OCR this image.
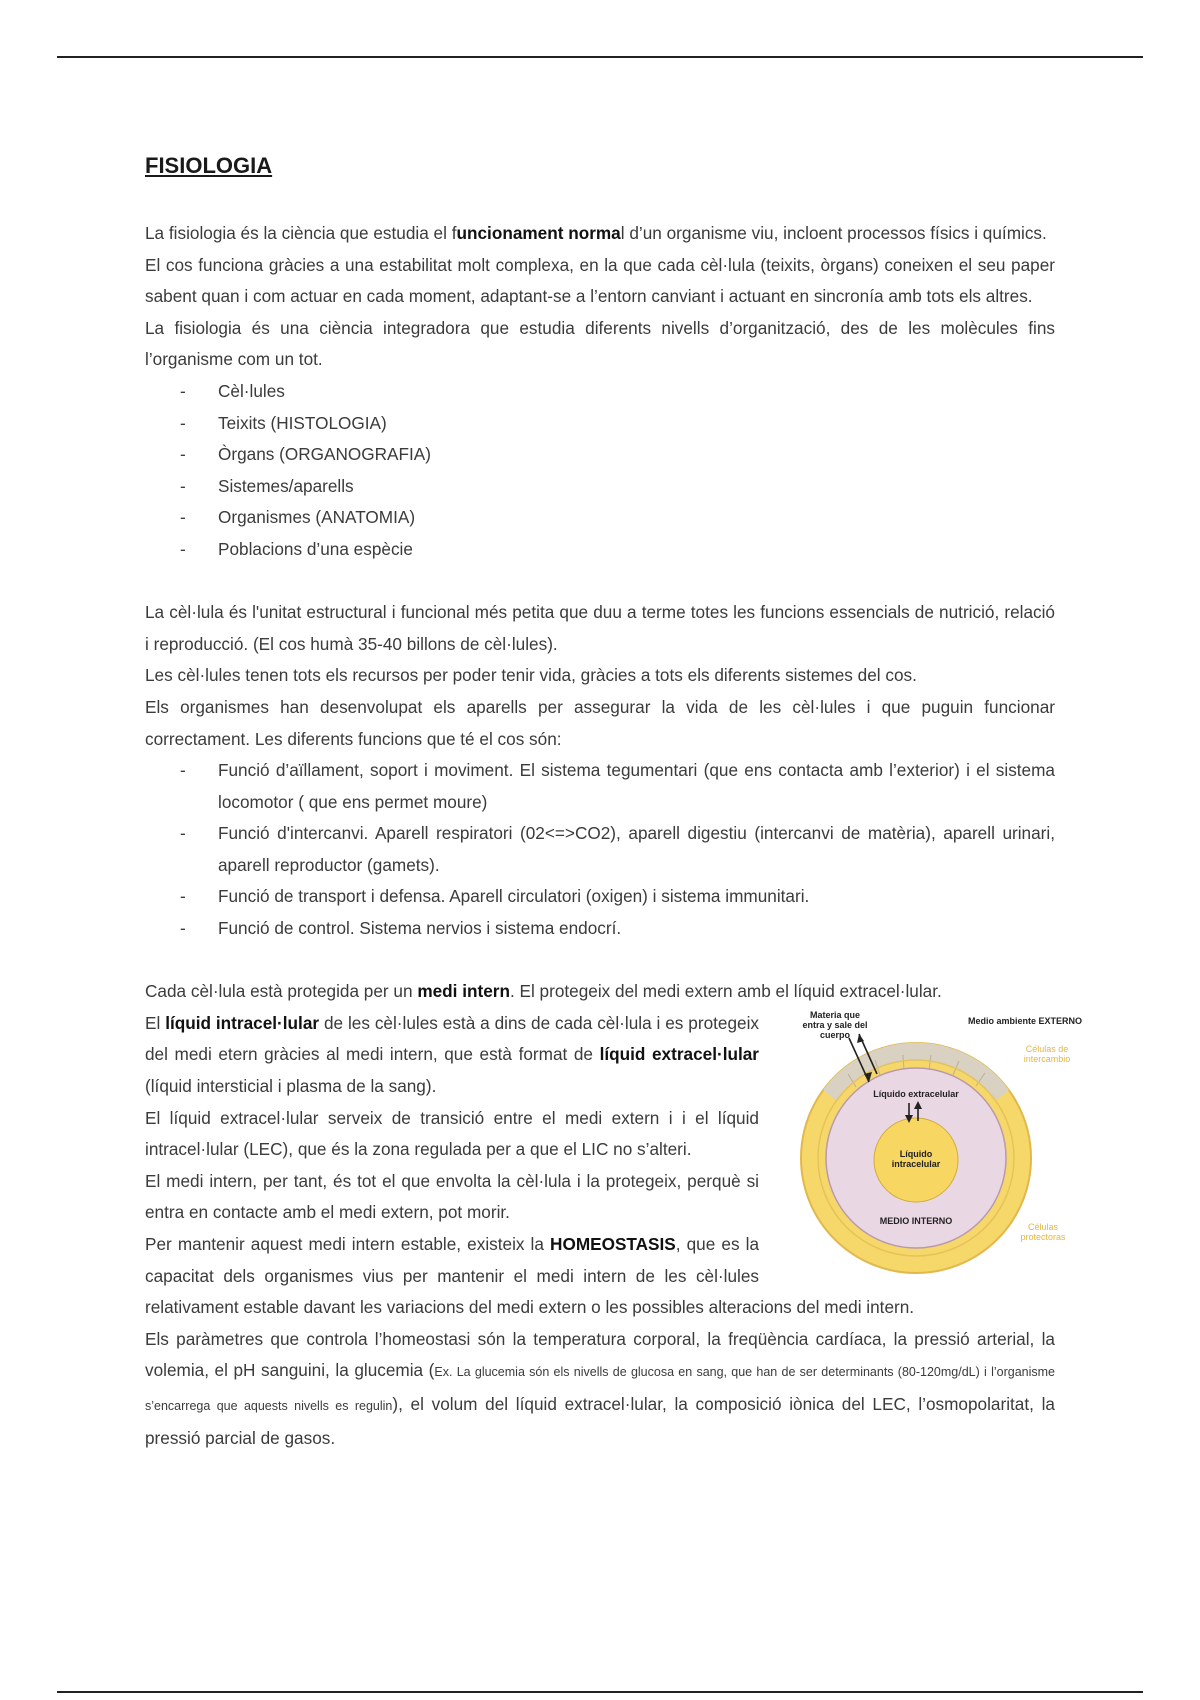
FISIOLOGIA

La fisiologia és la ciència que estudia el funcionament normal d’un organisme viu, incloent processos físics i químics.

El cos funciona gràcies a una estabilitat molt complexa, en la que cada cèl·lula (teixits, òrgans) coneixen el seu paper sabent quan i com actuar en cada moment, adaptant-se a l’entorn canviant i actuant en sincronía amb tots els altres.

La fisiologia és una ciència integradora que estudia diferents nivells d’organització, des de les molècules fins l’organisme com un tot.

- Cèl·lules
- Teixits (HISTOLOGIA)
- Òrgans (ORGANOGRAFIA)
- Sistemes/aparells
- Organismes (ANATOMIA)
- Poblacions d’una espècie

La cèl·lula és l'unitat estructural i funcional més petita que duu a terme totes les funcions essencials de nutrició, relació i reproducció. (El cos humà 35-40 billons de cèl·lules).

Les cèl·lules tenen tots els recursos per poder tenir vida, gràcies a tots els diferents sistemes del cos.

Els organismes han desenvolupat els aparells per assegurar la vida de les cèl·lules i que puguin funcionar correctament. Les diferents funcions que té el cos són:

- Funció d’aïllament, soport i moviment. El sistema tegumentari (que ens contacta amb l’exterior) i el sistema locomotor ( que ens permet moure)
- Funció d'intercanvi. Aparell respiratori (02<=>CO2), aparell digestiu (intercanvi de matèria), aparell urinari, aparell reproductor (gamets).
- Funció de transport i defensa. Aparell circulatori (oxigen) i sistema immunitari.
- Funció de control. Sistema nervios i sistema endocrí.

Cada cèl·lula està protegida per un medi intern. El protegeix del medi extern amb el líquid extracel·lular.

Materia que
entra y sale del
cuerpo
Medio ambiente EXTERNO
Líquido extracelular
Líquido
intracelular
MEDIO INTERNO
Células de
intercambio
Células
protectoras

El líquid intracel·lular de les cèl·lules està a dins de cada cèl·lula i es protegeix del medi etern gràcies al medi intern, que està format de líquid extracel·lular (líquid intersticial i plasma de la sang).

El líquid extracel·lular serveix de transició entre el medi extern i i el líquid intracel·lular (LEC), que és la zona regulada per a que el LIC no s’alteri.

El medi intern, per tant, és tot el que envolta la cèl·lula i la protegeix, perquè si entra en contacte amb el medi extern, pot morir.

Per mantenir aquest medi intern estable, existeix la HOMEOSTASIS, que es la capacitat dels organismes vius per mantenir el medi intern de les cèl·lules relativament estable davant les variacions del medi extern o les possibles alteracions del medi intern.

Els paràmetres que controla l’homeostasi són la temperatura corporal, la freqüència cardíaca, la pressió arterial, la volemia, el pH sanguini, la glucemia (Ex. La glucemia són els nivells de glucosa en sang, que han de ser determinants (80-120mg/dL) i l’organisme s’encarrega que aquests nivells es regulin), el volum del líquid extracel·lular, la composició iònica del LEC, l’osmopolaritat, la pressió parcial de gasos.
